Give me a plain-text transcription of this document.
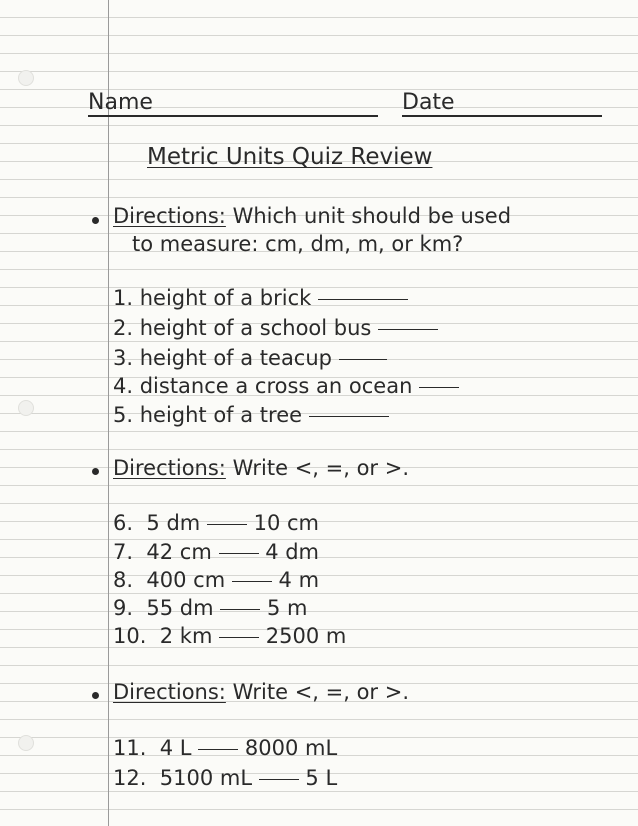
Name	Date
Metric Units Quiz Review
Directions: Which unit should be used
to measure: cm, dm, m, or km?
1. height of a brick
2. height of a school bus
3. height of a teacup
4. distance a cross an ocean
5. height of a tree
Directions: Write <, =, or >.
6. 5 dm	10 cm
7. 42 cm	4 dm
8. 400 cm	4 m
9. 55 dm	5 m
10. 2 km	2500 m
Directions: Write <, =, or >.
11. 4 L	8000 mL
12. 5100 mL	5 L
